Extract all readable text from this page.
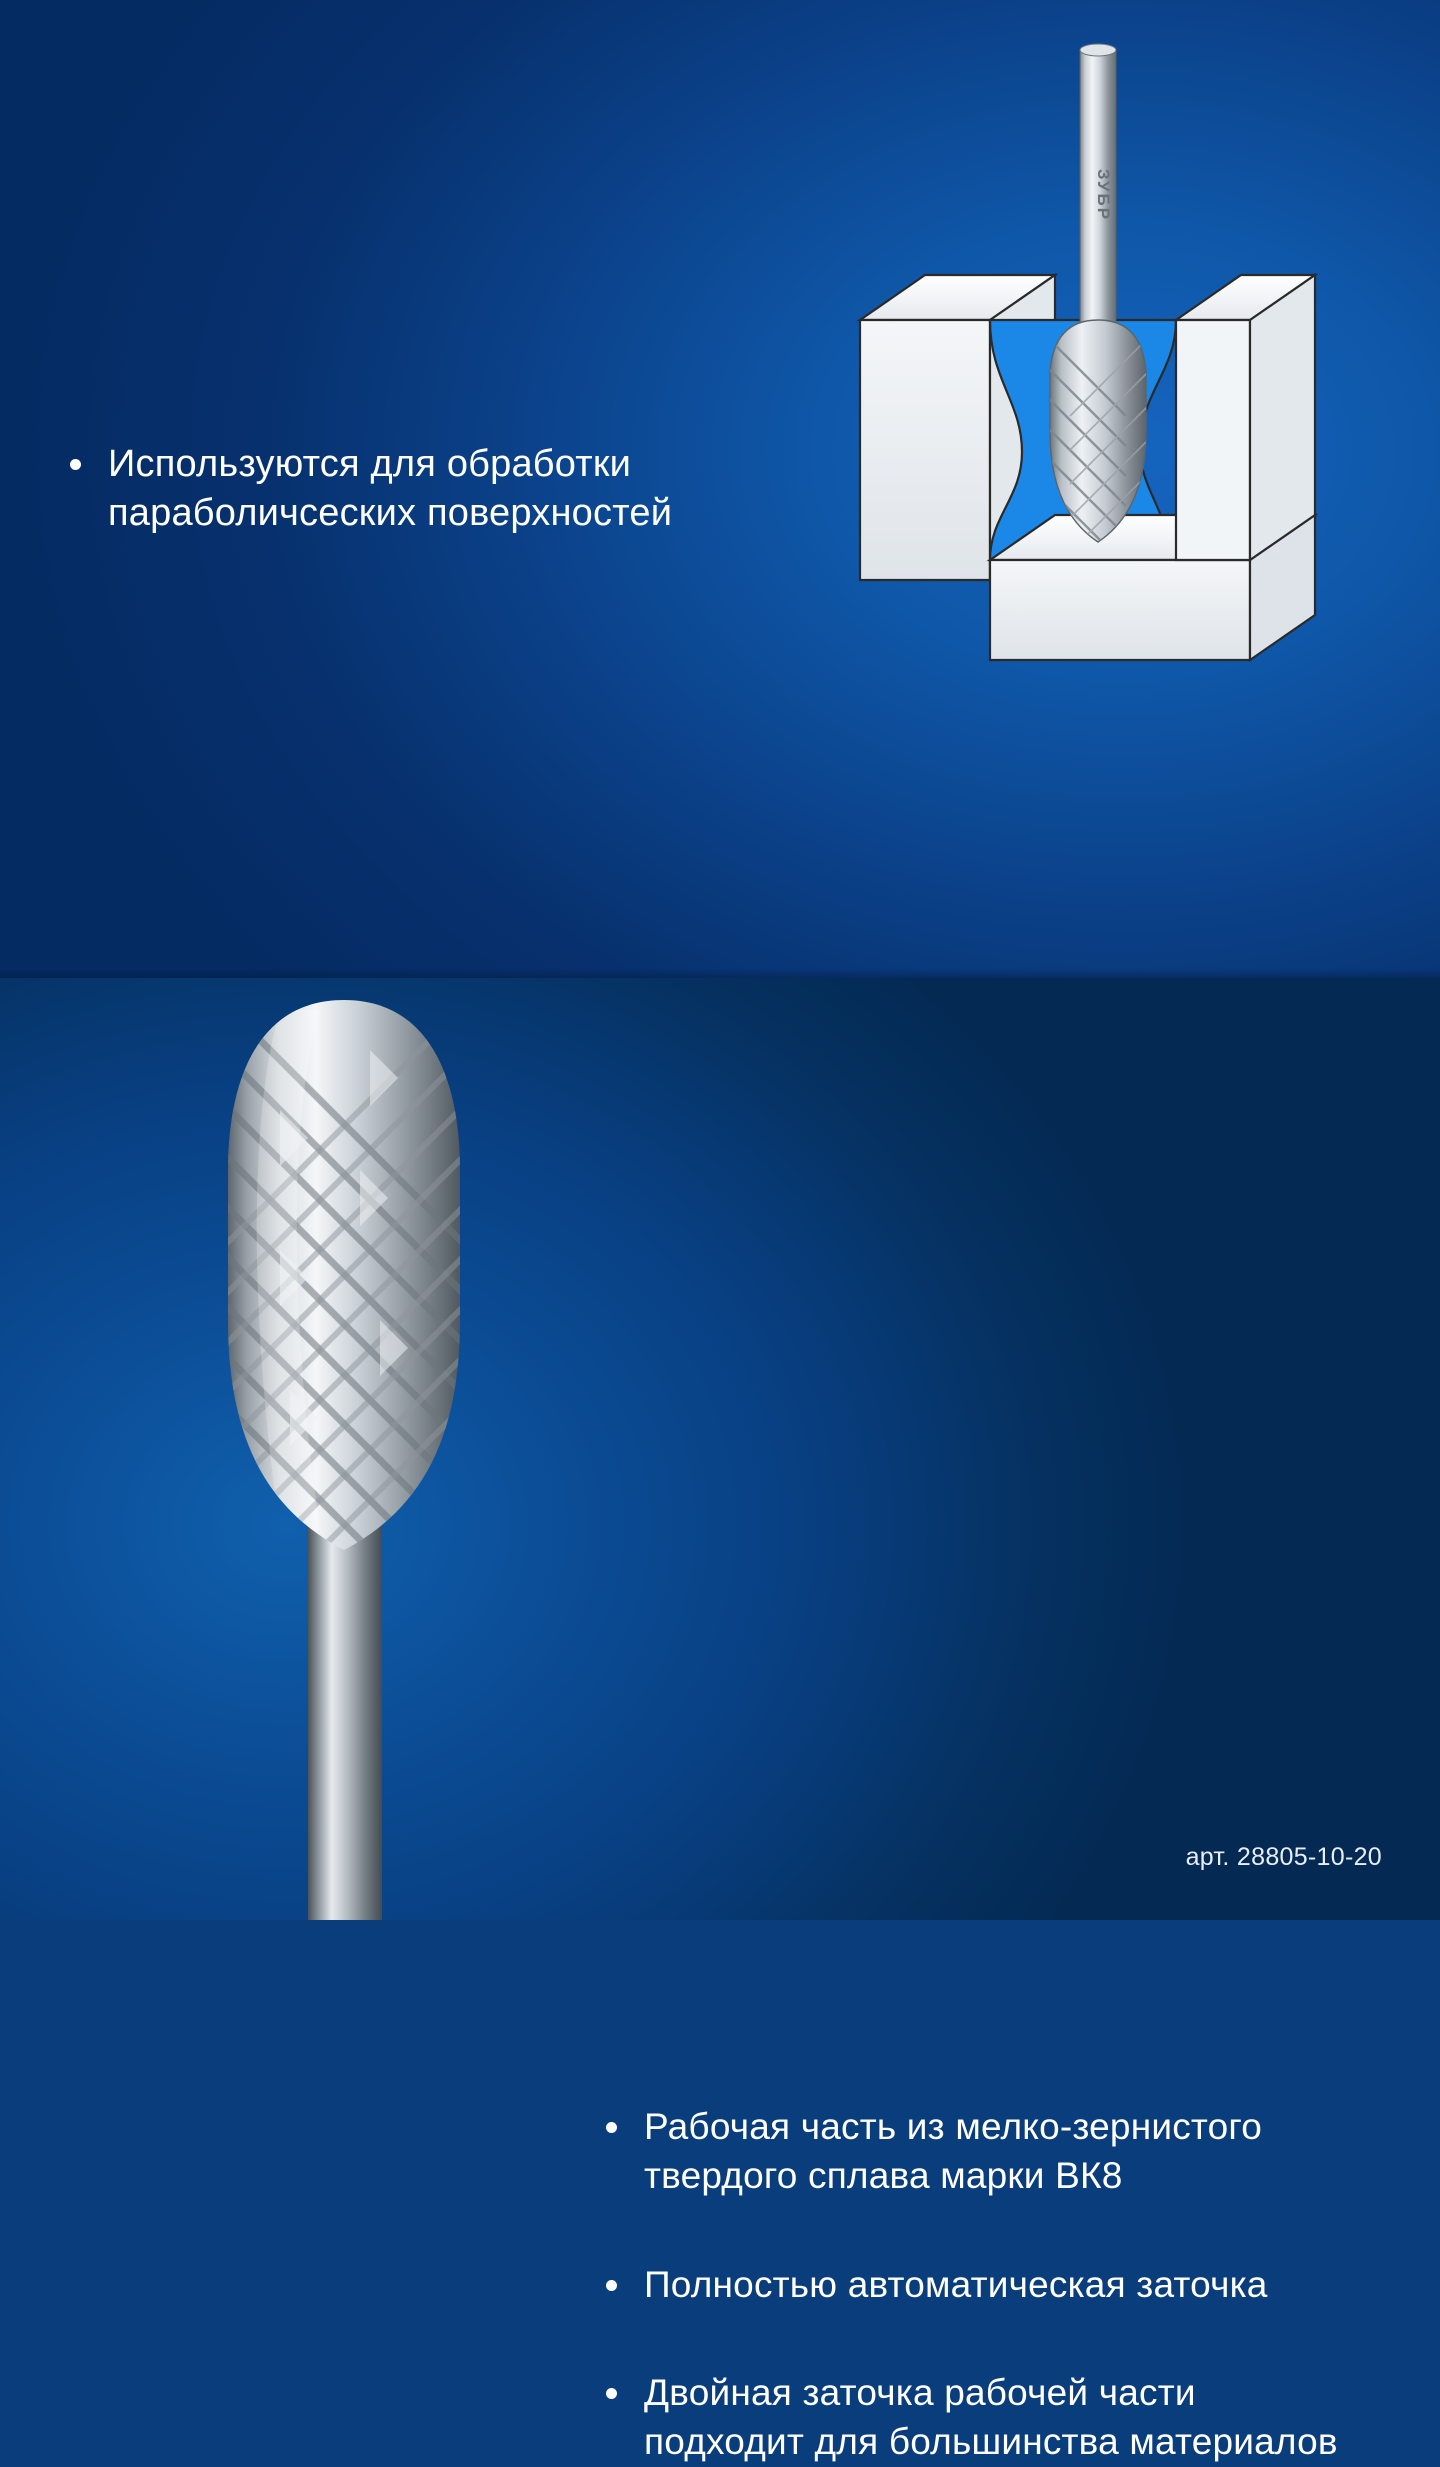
ЗУБР
Используются для обработки параболичсеских поверхностей
Рабочая часть из мелко-зернистого твердого сплава марки ВК8
Полностью автоматическая заточка
Двойная заточка рабочей части подходит для большинства материалов
арт. 28805-10-20
